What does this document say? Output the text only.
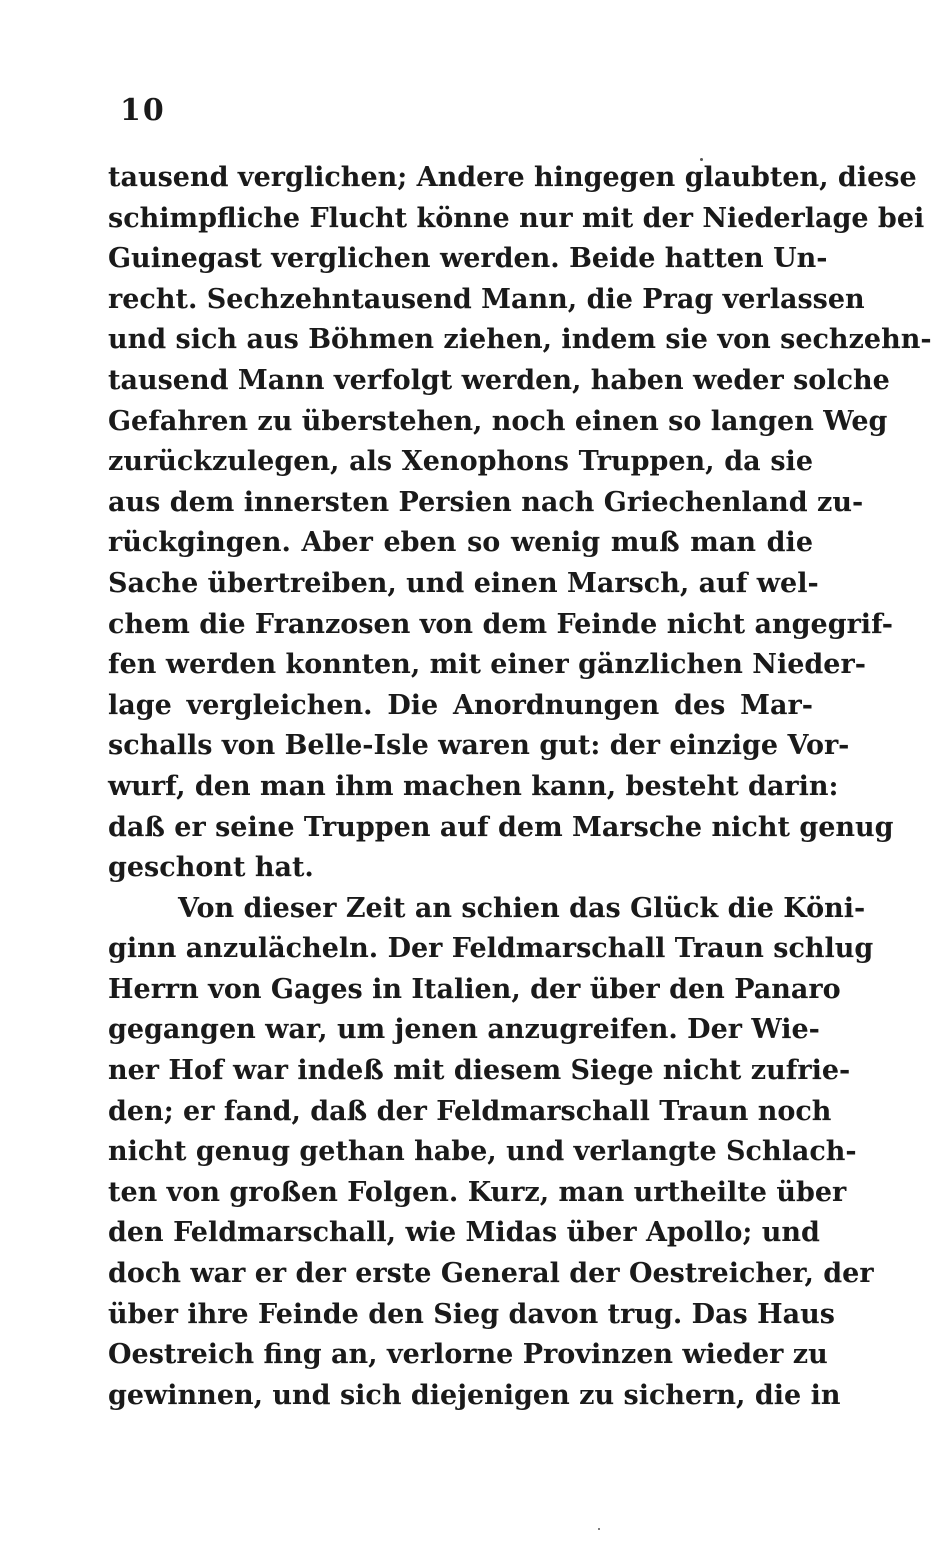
10
tausend verglichen; Andere hingegen glaubten, diese
schimpfliche Flucht könne nur mit der Niederlage bei
Guinegast verglichen werden. Beide hatten Un-
recht. Sechzehntausend Mann, die Prag verlassen
und sich aus Böhmen ziehen, indem sie von sechzehn-
tausend Mann verfolgt werden, haben weder solche
Gefahren zu überstehen, noch einen so langen Weg
zurückzulegen, als Xenophons Truppen, da sie
aus dem innersten Persien nach Griechenland zu-
rückgingen. Aber eben so wenig muß man die
Sache übertreiben, und einen Marsch, auf wel-
chem die Franzosen von dem Feinde nicht angegrif-
fen werden konnten, mit einer gänzlichen Nieder-
lage vergleichen. Die Anordnungen des Mar-
schalls von Belle-Isle waren gut: der einzige Vor-
wurf, den man ihm machen kann, besteht darin:
daß er seine Truppen auf dem Marsche nicht genug
geschont hat.
Von dieser Zeit an schien das Glück die Köni-
ginn anzulächeln. Der Feldmarschall Traun schlug
Herrn von Gages in Italien, der über den Panaro
gegangen war, um jenen anzugreifen. Der Wie-
ner Hof war indeß mit diesem Siege nicht zufrie-
den; er fand, daß der Feldmarschall Traun noch
nicht genug gethan habe, und verlangte Schlach-
ten von großen Folgen. Kurz, man urtheilte über
den Feldmarschall, wie Midas über Apollo; und
doch war er der erste General der Oestreicher, der
über ihre Feinde den Sieg davon trug. Das Haus
Oestreich fing an, verlorne Provinzen wieder zu
gewinnen, und sich diejenigen zu sichern, die in
